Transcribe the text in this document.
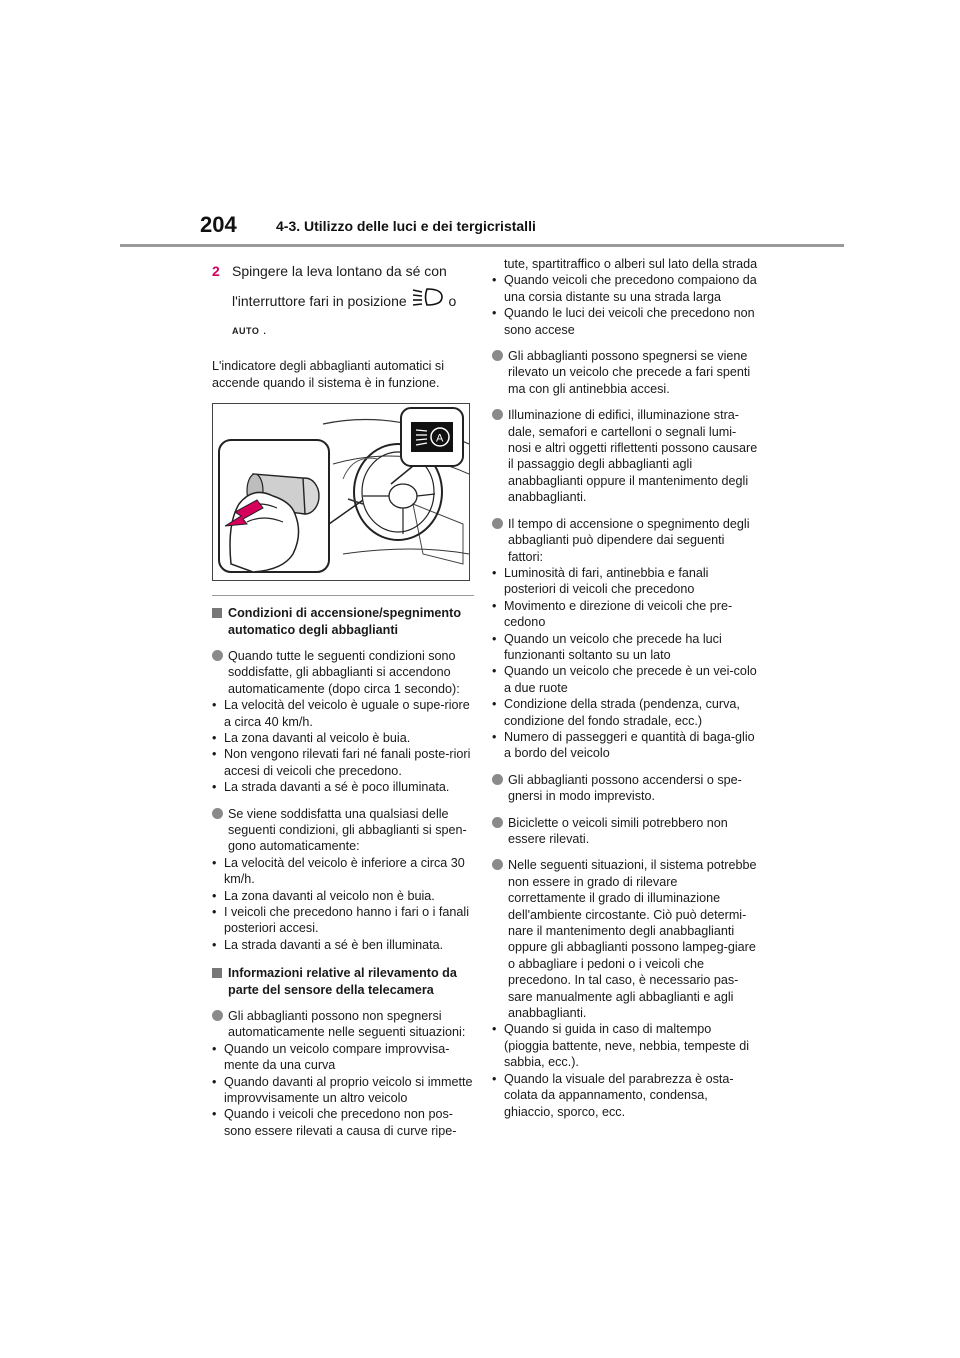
204	4-3. Utilizzo delle luci e dei tergicristalli
2 Spingere la leva lontano da sé con l'interruttore fari in posizione	o
AUTO .

L'indicatore degli abbaglianti automatici si accende quando il sistema è in funzione.

A
Condizioni di accensione/spegnimento automatico degli abbaglianti
Quando tutte le seguenti condizioni sono soddisfatte, gli abbaglianti si accendono automaticamente (dopo circa 1 secondo):
• La velocità del veicolo è uguale o supe-riore a circa 40 km/h.
• La zona davanti al veicolo è buia.
• Non vengono rilevati fari né fanali poste-riori accesi di veicoli che precedono.
• La strada davanti a sé è poco illuminata.
Se viene soddisfatta una qualsiasi delle seguenti condizioni, gli abbaglianti si spen-gono automaticamente:
• La velocità del veicolo è inferiore a circa 30 km/h.
• La zona davanti al veicolo non è buia.
• I veicoli che precedono hanno i fari o i fanali posteriori accesi.
• La strada davanti a sé è ben illuminata.
Informazioni relative al rilevamento da parte del sensore della telecamera
Gli abbaglianti possono non spegnersi automaticamente nelle seguenti situazioni:
• Quando un veicolo compare improvvisa-mente da una curva
• Quando davanti al proprio veicolo si immette improvvisamente un altro veicolo
• Quando i veicoli che precedono non pos-sono essere rilevati a causa di curve ripe-
tute, spartitraffico o alberi sul lato della strada
• Quando veicoli che precedono compaiono da una corsia distante su una strada larga
• Quando le luci dei veicoli che precedono non sono accese
Gli abbaglianti possono spegnersi se viene rilevato un veicolo che precede a fari spenti ma con gli antinebbia accesi.
Illuminazione di edifici, illuminazione stra-dale, semafori e cartelloni o segnali lumi-nosi e altri oggetti riflettenti possono causare il passaggio degli abbaglianti agli anabbaglianti oppure il mantenimento degli anabbaglianti.
Il tempo di accensione o spegnimento degli abbaglianti può dipendere dai seguenti fattori:
• Luminosità di fari, antinebbia e fanali posteriori di veicoli che precedono
• Movimento e direzione di veicoli che pre-cedono
• Quando un veicolo che precede ha luci funzionanti soltanto su un lato
• Quando un veicolo che precede è un vei-colo a due ruote
• Condizione della strada (pendenza, curva, condizione del fondo stradale, ecc.)
• Numero di passeggeri e quantità di baga-glio a bordo del veicolo
Gli abbaglianti possono accendersi o spe-gnersi in modo imprevisto.
Biciclette o veicoli simili potrebbero non essere rilevati.
Nelle seguenti situazioni, il sistema potrebbe non essere in grado di rilevare correttamente il grado di illuminazione dell'ambiente circostante. Ciò può determi-nare il mantenimento degli anabbaglianti oppure gli abbaglianti possono lampeg-giare o abbagliare i pedoni o i veicoli che precedono. In tal caso, è necessario pas-sare manualmente agli abbaglianti e agli anabbaglianti.
• Quando si guida in caso di maltempo (pioggia battente, neve, nebbia, tempeste di sabbia, ecc.).
• Quando la visuale del parabrezza è osta-colata da appannamento, condensa, ghiaccio, sporco, ecc.
